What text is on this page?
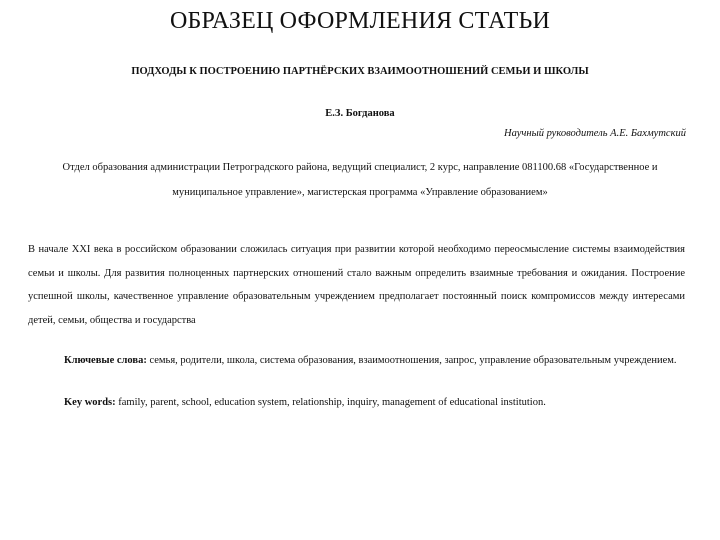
ОБРАЗЕЦ ОФОРМЛЕНИЯ СТАТЬИ
ПОДХОДЫ К ПОСТРОЕНИЮ ПАРТНЁРСКИХ ВЗАИМООТНОШЕНИЙ СЕМЬИ И ШКОЛЫ
Е.З. Богданова
Научный руководитель А.Е. Бахмутский
Отдел образования администрации Петроградского района, ведущий специалист, 2 курс, направление 081100.68 «Государственное и муниципальное управление», магистерская программа «Управление образованием»
В начале XXI века в российском образовании сложилась ситуация при развитии которой необходимо переосмысление системы взаимодействия семьи и школы. Для развития полноценных партнерских отношений стало важным определить взаимные требования и ожидания. Построение успешной школы, качественное управление образовательным учреждением предполагает постоянный поиск компромиссов между интересами детей, семьи, общества и государства
Ключевые слова: семья, родители, школа, система образования, взаимоотношения, запрос, управление образовательным учреждением.
Key words: family, parent, school, education system, relationship, inquiry, management of educational institution.
